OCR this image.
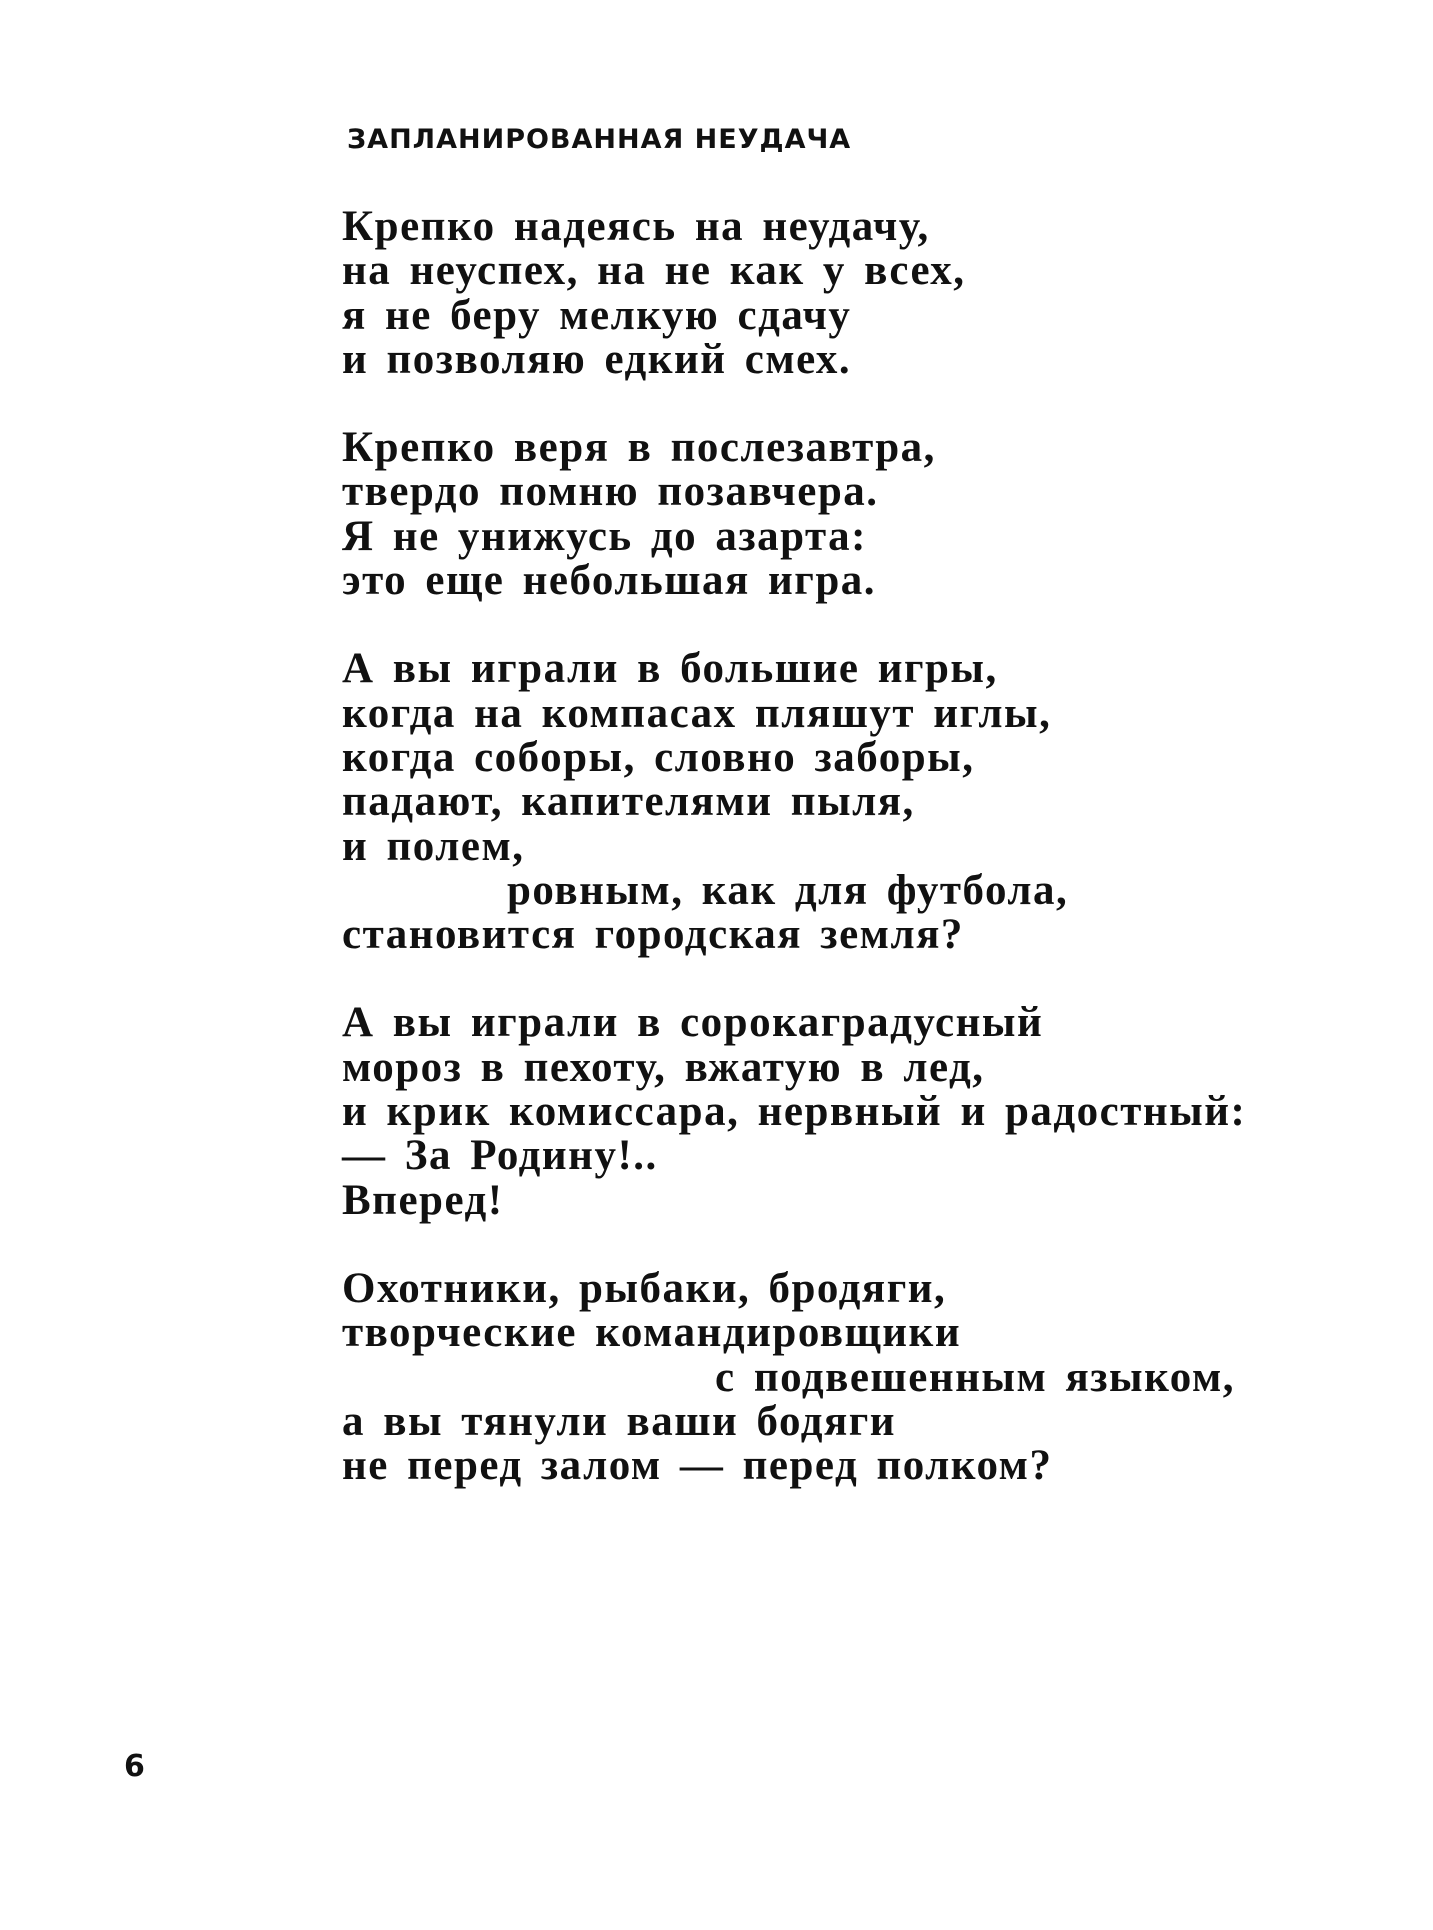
ЗАПЛАНИРОВАННАЯ НЕУДАЧА
Крепко надеясь на неудачу,
на неуспех, на не как у всех,
я не беру мелкую сдачу
и позволяю едкий смех.
Крепко веря в послезавтра,
твердо помню позавчера.
Я не унижусь до азарта:
это еще небольшая игра.
А вы играли в большие игры,
когда на компасах пляшут иглы,
когда соборы, словно заборы,
падают, капителями пыля,
и полем,
ровным, как для футбола,
становится городская земля?
А вы играли в сорокаградусный
мороз в пехоту, вжатую в лед,
и крик комиссара, нервный и радостный:
— За Родину!..
Вперед!
Охотники, рыбаки, бродяги,
творческие командировщики
с подвешенным языком,
а вы тянули ваши бодяги
не перед залом — перед полком?
6
